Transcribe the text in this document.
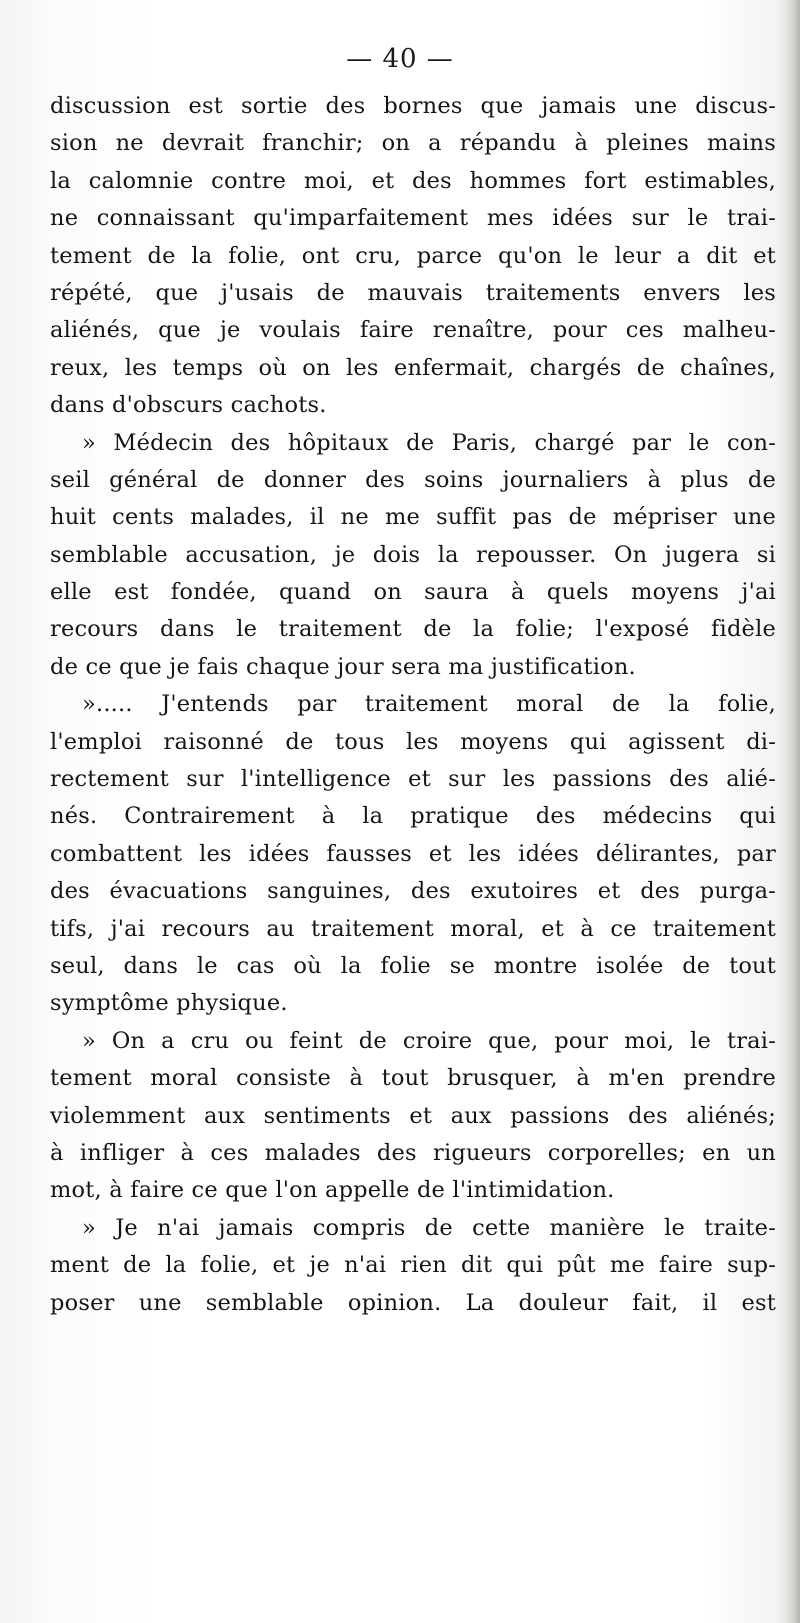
— 40 —
discussion est sortie des bornes que jamais une discus-
sion ne devrait franchir; on a répandu à pleines mains
la calomnie contre moi, et des hommes fort estimables,
ne connaissant qu'imparfaitement mes idées sur le trai-
tement de la folie, ont cru, parce qu'on le leur a dit et
répété, que j'usais de mauvais traitements envers les
aliénés, que je voulais faire renaître, pour ces malheu-
reux, les temps où on les enfermait, chargés de chaînes,
dans d'obscurs cachots.
» Médecin des hôpitaux de Paris, chargé par le con-
seil général de donner des soins journaliers à plus de
huit cents malades, il ne me suffit pas de mépriser une
semblable accusation, je dois la repousser. On jugera si
elle est fondée, quand on saura à quels moyens j'ai
recours dans le traitement de la folie; l'exposé fidèle
de ce que je fais chaque jour sera ma justification.
»..... J'entends par traitement moral de la folie,
l'emploi raisonné de tous les moyens qui agissent di-
rectement sur l'intelligence et sur les passions des alié-
nés. Contrairement à la pratique des médecins qui
combattent les idées fausses et les idées délirantes, par
des évacuations sanguines, des exutoires et des purga-
tifs, j'ai recours au traitement moral, et à ce traitement
seul, dans le cas où la folie se montre isolée de tout
symptôme physique.
» On a cru ou feint de croire que, pour moi, le trai-
tement moral consiste à tout brusquer, à m'en prendre
violemment aux sentiments et aux passions des aliénés;
à infliger à ces malades des rigueurs corporelles; en un
mot, à faire ce que l'on appelle de l'intimidation.
» Je n'ai jamais compris de cette manière le traite-
ment de la folie, et je n'ai rien dit qui pût me faire sup-
poser une semblable opinion. La douleur fait, il est
